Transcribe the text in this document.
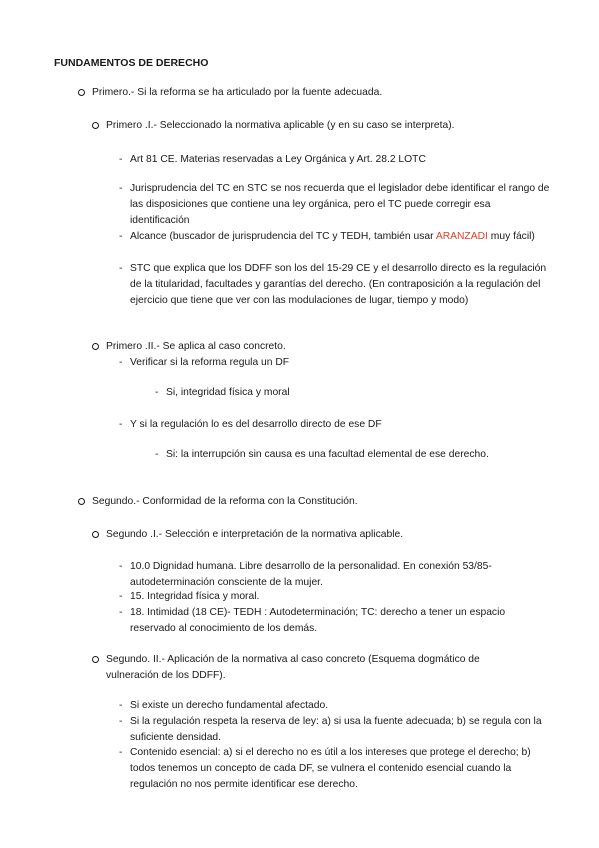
FUNDAMENTOS DE DERECHO
Primero.- Si la reforma se ha articulado por la fuente adecuada.
Primero .I.- Seleccionado la normativa aplicable (y en su caso se interpreta).
- Art 81 CE. Materias reservadas a Ley Orgánica y Art. 28.2 LOTC
- Jurisprudencia del TC en STC se nos recuerda que el legislador debe identificar el rango de las disposiciones que contiene una ley orgánica, pero el TC puede corregir esa identificación
- Alcance (buscador de jurisprudencia del TC y TEDH, también usar ARANZADI muy fácil)
- STC que explica que los DDFF son los del 15-29 CE y el desarrollo directo es la regulación de la titularidad, facultades y garantías del derecho. (En contraposición a la regulación del ejercicio que tiene que ver con las modulaciones de lugar, tiempo y modo)
Primero .II.- Se aplica al caso concreto.
- Verificar si la reforma regula un DF
- Si, integridad física y moral
- Y si la regulación lo es del desarrollo directo de ese DF
- Si: la interrupción sin causa es una facultad elemental de ese derecho.
Segundo.- Conformidad de la reforma con la Constitución.
Segundo .I.- Selección e interpretación de la normativa aplicable.
- 10.0 Dignidad humana. Libre desarrollo de la personalidad. En conexión 53/85- autodeterminación consciente de la mujer.
- 15. Integridad física y moral.
- 18. Intimidad (18 CE)- TEDH : Autodeterminación; TC: derecho a tener un espacio reservado al conocimiento de los demás.
Segundo. II.- Aplicación de la normativa al caso concreto (Esquema dogmático de vulneración de los DDFF).
- Si existe un derecho fundamental afectado.
- Si la regulación respeta la reserva de ley: a) si usa la fuente adecuada; b) se regula con la suficiente densidad.
- Contenido esencial: a) si el derecho no es útil a los intereses que protege el derecho; b) todos tenemos un concepto de cada DF, se vulnera el contenido esencial cuando la regulación no nos permite identificar ese derecho.
